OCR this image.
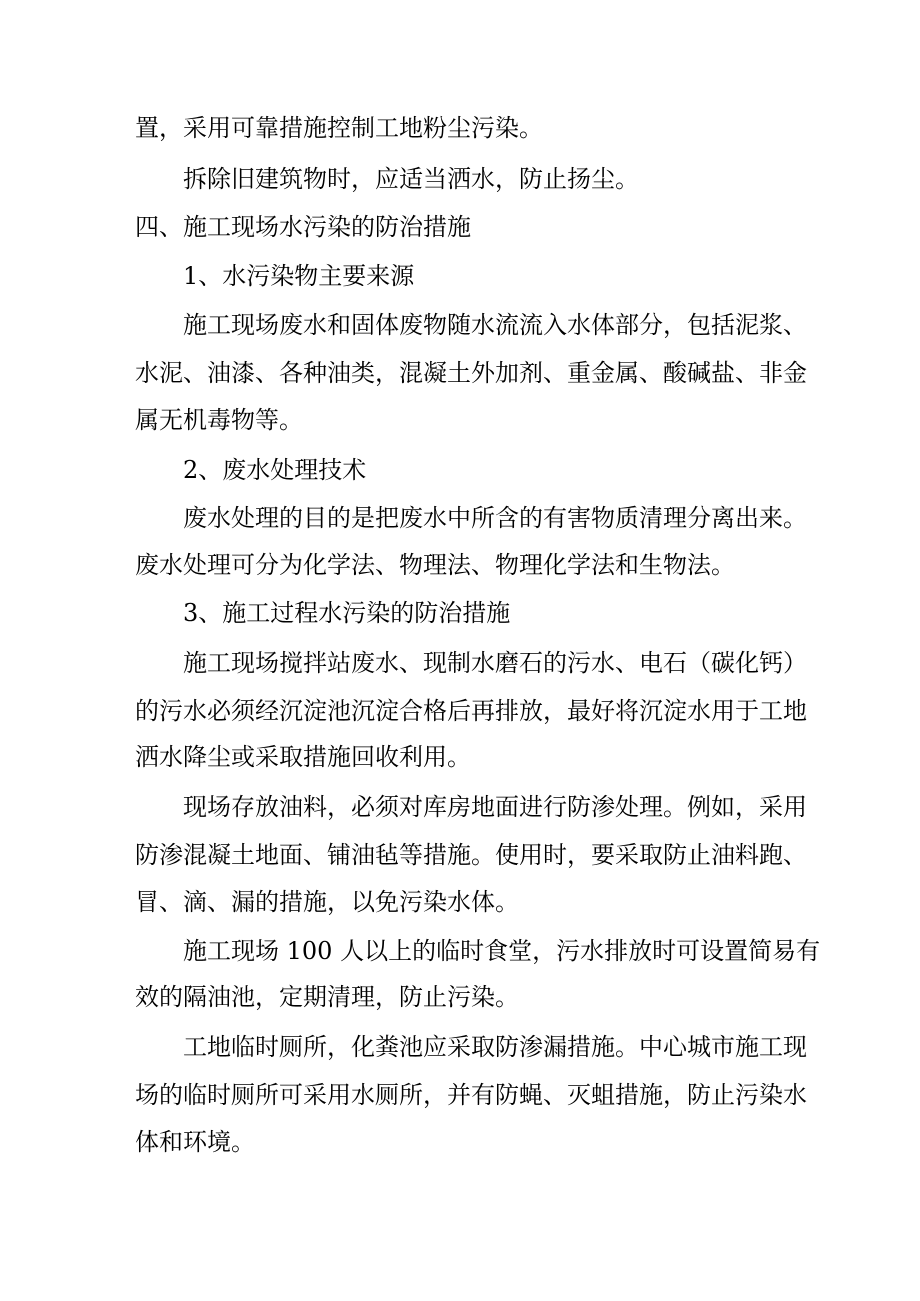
置，采用可靠措施控制工地粉尘污染。
拆除旧建筑物时，应适当洒水，防止扬尘。
四、施工现场水污染的防治措施
1、水污染物主要来源
施工现场废水和固体废物随水流流入水体部分，包括泥浆、
水泥、油漆、各种油类，混凝土外加剂、重金属、酸碱盐、非金
属无机毒物等。
2、废水处理技术
废水处理的目的是把废水中所含的有害物质清理分离出来。
废水处理可分为化学法、物理法、物理化学法和生物法。
3、施工过程水污染的防治措施
施工现场搅拌站废水、现制水磨石的污水、电石（碳化钙）
的污水必须经沉淀池沉淀合格后再排放，最好将沉淀水用于工地
洒水降尘或采取措施回收利用。
现场存放油料，必须对库房地面进行防渗处理。例如，采用
防渗混凝土地面、铺油毡等措施。使用时，要采取防止油料跑、
冒、滴、漏的措施，以免污染水体。
施工现场 100 人以上的临时食堂，污水排放时可设置简易有
效的隔油池，定期清理，防止污染。
工地临时厕所，化粪池应采取防渗漏措施。中心城市施工现
场的临时厕所可采用水厕所，并有防蝇、灭蛆措施，防止污染水
体和环境。
